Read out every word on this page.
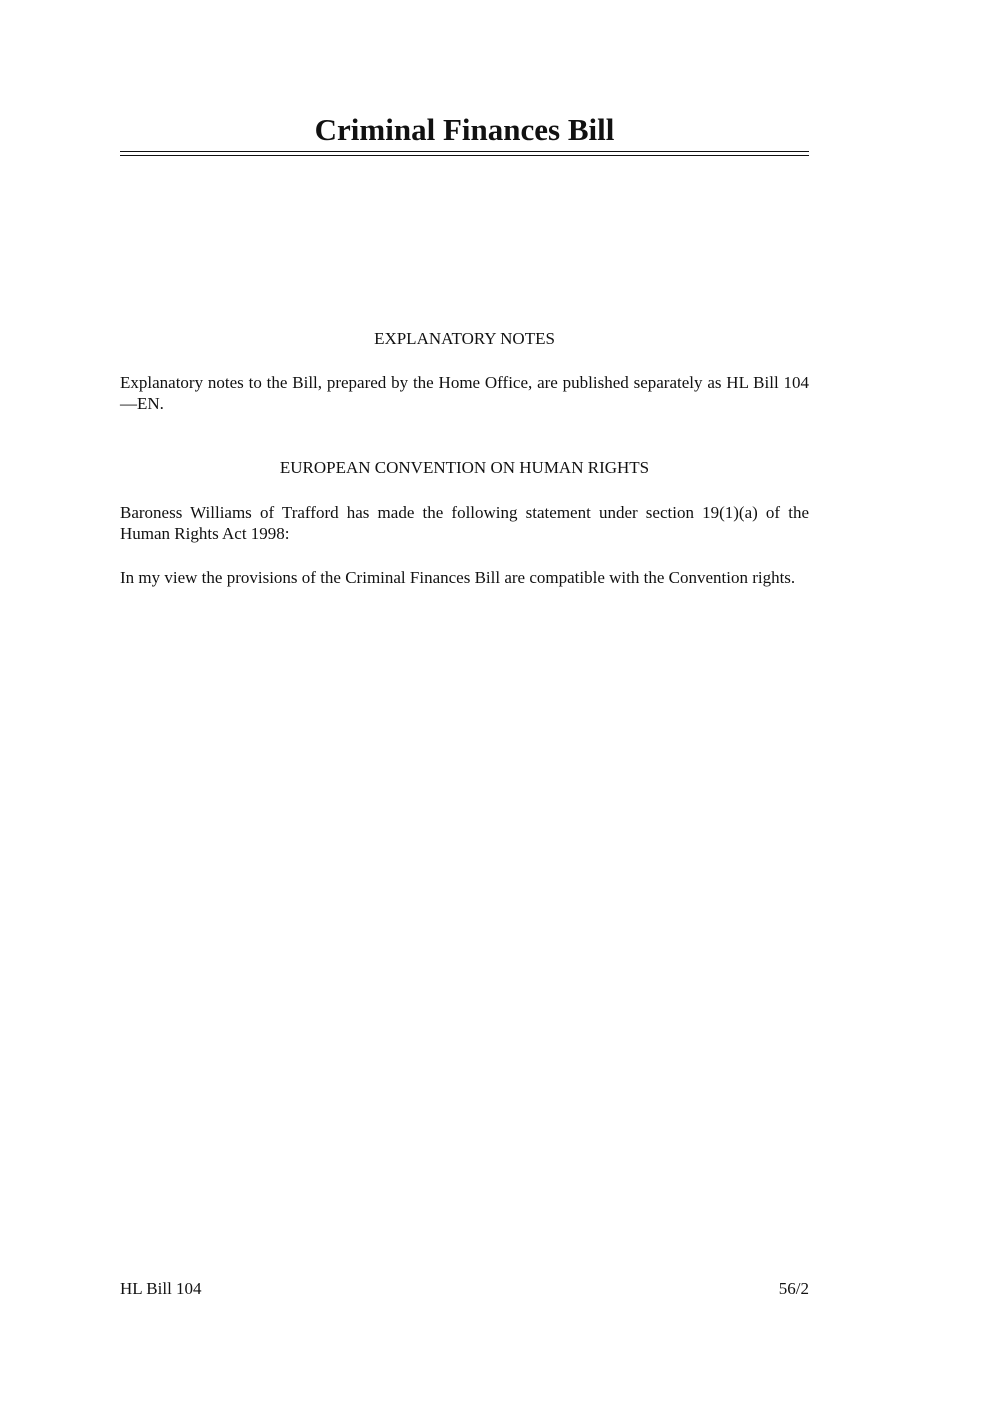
Criminal Finances Bill
EXPLANATORY NOTES

Explanatory notes to the Bill, prepared by the Home Office, are published separately as HL Bill 104—EN.

EUROPEAN CONVENTION ON HUMAN RIGHTS

Baroness Williams of Trafford has made the following statement under section 19(1)(a) of the Human Rights Act 1998:

In my view the provisions of the Criminal Finances Bill are compatible with the Convention rights.

HL Bill 104	56/2
